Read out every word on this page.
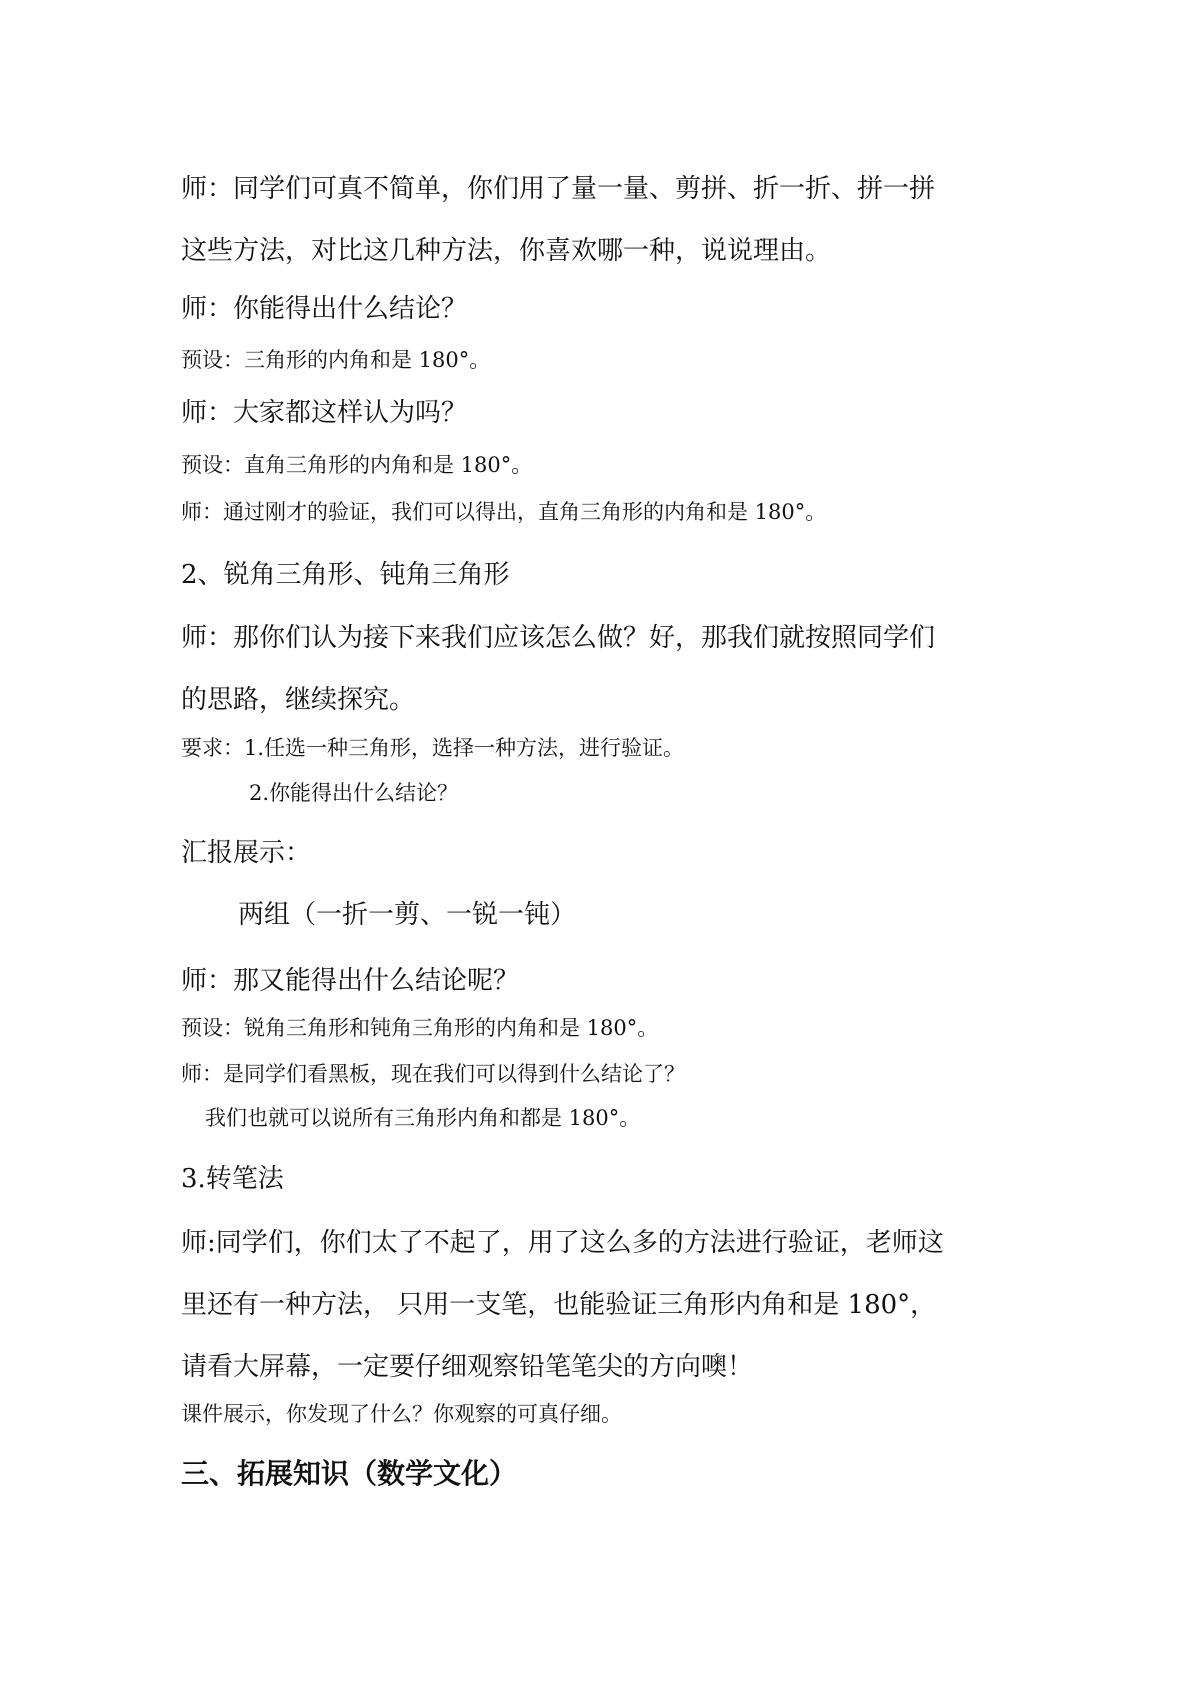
师：同学们可真不简单，你们用了量一量、剪拼、折一折、拼一拼
这些方法，对比这几种方法，你喜欢哪一种，说说理由。
师：你能得出什么结论？
预设：三角形的内角和是 180°。
师：大家都这样认为吗？
预设：直角三角形的内角和是 180°。
师：通过刚才的验证，我们可以得出，直角三角形的内角和是 180°。
2、锐角三角形、钝角三角形
师：那你们认为接下来我们应该怎么做？好，那我们就按照同学们
的思路，继续探究。
要求：1.任选一种三角形，选择一种方法，进行验证。
2.你能得出什么结论？
汇报展示：
两组（一折一剪、一锐一钝）
师：那又能得出什么结论呢？
预设：锐角三角形和钝角三角形的内角和是 180°。
师：是同学们看黑板，现在我们可以得到什么结论了？
我们也就可以说所有三角形内角和都是 180°。
3.转笔法
师:同学们，你们太了不起了，用了这么多的方法进行验证，老师这
里还有一种方法， 只用一支笔，也能验证三角形内角和是 180°，
请看大屏幕，一定要仔细观察铅笔笔尖的方向噢！
课件展示，你发现了什么？你观察的可真仔细。
三、拓展知识（数学文化）
